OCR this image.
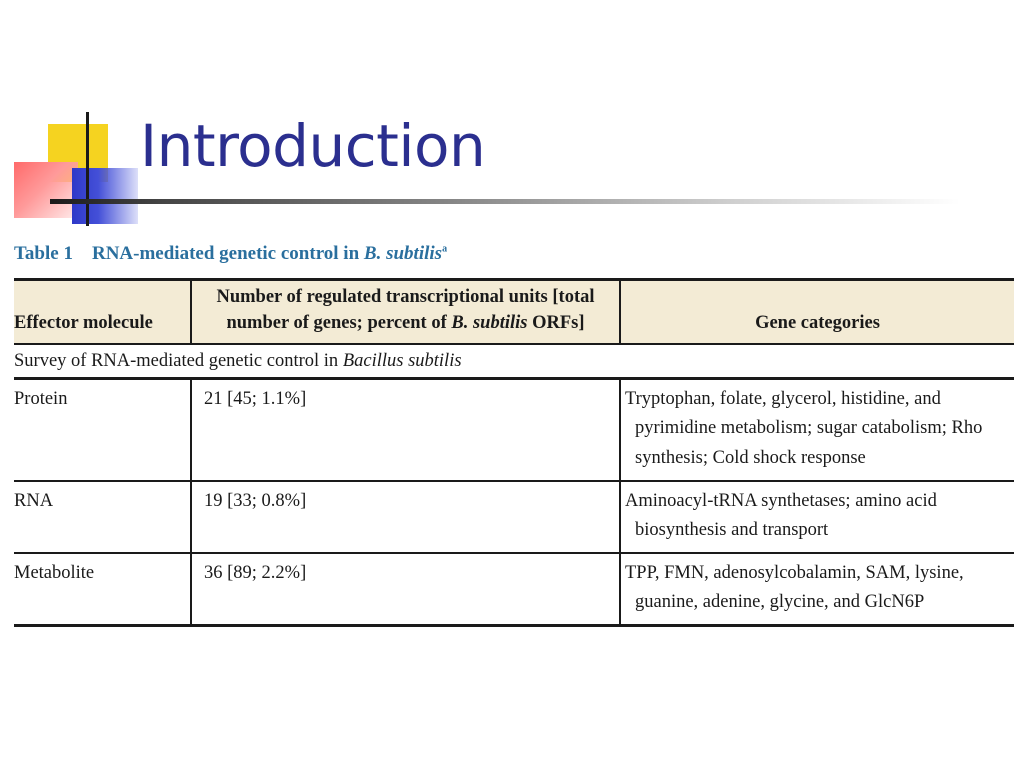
Introduction
Table 1 RNA-mediated genetic control in B. subtilis$^a$
Effector molecule	Number of regulated transcriptional units [total number of genes; percent of B. subtilis ORFs]	Gene categories
Survey of RNA-mediated genetic control in Bacillus subtilis		
Protein	21 [45; 1.1%]	Tryptophan, folate, glycerol, histidine, and pyrimidine metabolism; sugar catabolism; Rho synthesis; Cold shock response
RNA	19 [33; 0.8%]	Aminoacyl-tRNA synthetases; amino acid biosynthesis and transport
Metabolite	36 [89; 2.2%]	TPP, FMN, adenosylcobalamin, SAM, lysine, guanine, adenine, glycine, and GlcN6P
